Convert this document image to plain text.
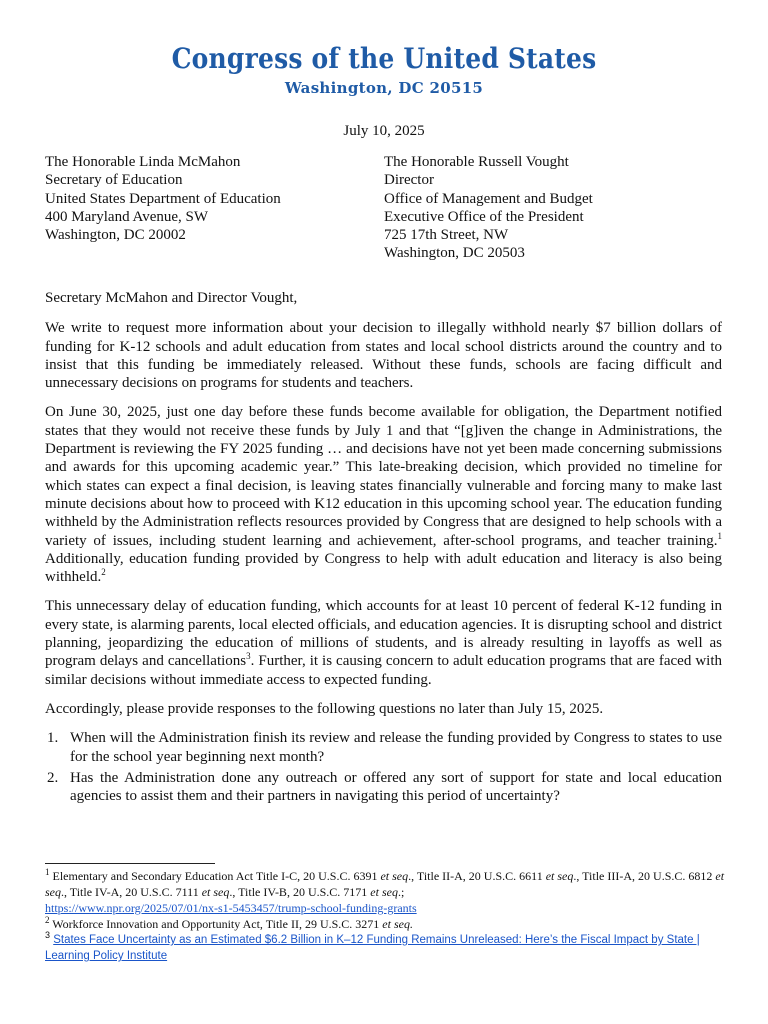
Congress of the United States
Washington, DC 20515
July 10, 2025
The Honorable Linda McMahon
Secretary of Education
United States Department of Education
400 Maryland Avenue, SW
Washington, DC 20002
The Honorable Russell Vought
Director
Office of Management and Budget
Executive Office of the President
725 17th Street, NW
Washington, DC 20503

Secretary McMahon and Director Vought,

We write to request more information about your decision to illegally withhold nearly $7 billion dollars of funding for K-12 schools and adult education from states and local school districts around the country and to insist that this funding be immediately released. Without these funds, schools are facing difficult and unnecessary decisions on programs for students and teachers.

On June 30, 2025, just one day before these funds become available for obligation, the Department notified states that they would not receive these funds by July 1 and that “[g]iven the change in Administrations, the Department is reviewing the FY 2025 funding … and decisions have not yet been made concerning submissions and awards for this upcoming academic year.” This late-breaking decision, which provided no timeline for which states can expect a final decision, is leaving states financially vulnerable and forcing many to make last minute decisions about how to proceed with K12 education in this upcoming school year. The education funding withheld by the Administration reflects resources provided by Congress that are designed to help schools with a variety of issues, including student learning and achievement, after-school programs, and teacher training.$^1$ Additionally, education funding provided by Congress to help with adult education and literacy is also being withheld.$^2$

This unnecessary delay of education funding, which accounts for at least 10 percent of federal K-12 funding in every state, is alarming parents, local elected officials, and education agencies. It is disrupting school and district planning, jeopardizing the education of millions of students, and is already resulting in layoffs as well as program delays and cancellations$^3$. Further, it is causing concern to adult education programs that are faced with similar decisions without immediate access to expected funding.

Accordingly, please provide responses to the following questions no later than July 15, 2025.

1. When will the Administration finish its review and release the funding provided by Congress to states to use for the school year beginning next month?
2. Has the Administration done any outreach or offered any sort of support for state and local education agencies to assist them and their partners in navigating this period of uncertainty?
$^1$ Elementary and Secondary Education Act Title I-C, 20 U.S.C. 6391 et seq., Title II-A, 20 U.S.C. 6611 et seq., Title III-A, 20 U.S.C. 6812 et seq., Title IV-A, 20 U.S.C. 7111 et seq., Title IV-B, 20 U.S.C. 7171 et seq.;
https://www.npr.org/2025/07/01/nx-s1-5453457/trump-school-funding-grants
$^2$ Workforce Innovation and Opportunity Act, Title II, 29 U.S.C. 3271 et seq.
$^3$ States Face Uncertainty as an Estimated $6.2 Billion in K–12 Funding Remains Unreleased: Here’s the Fiscal Impact by State | Learning Policy Institute
